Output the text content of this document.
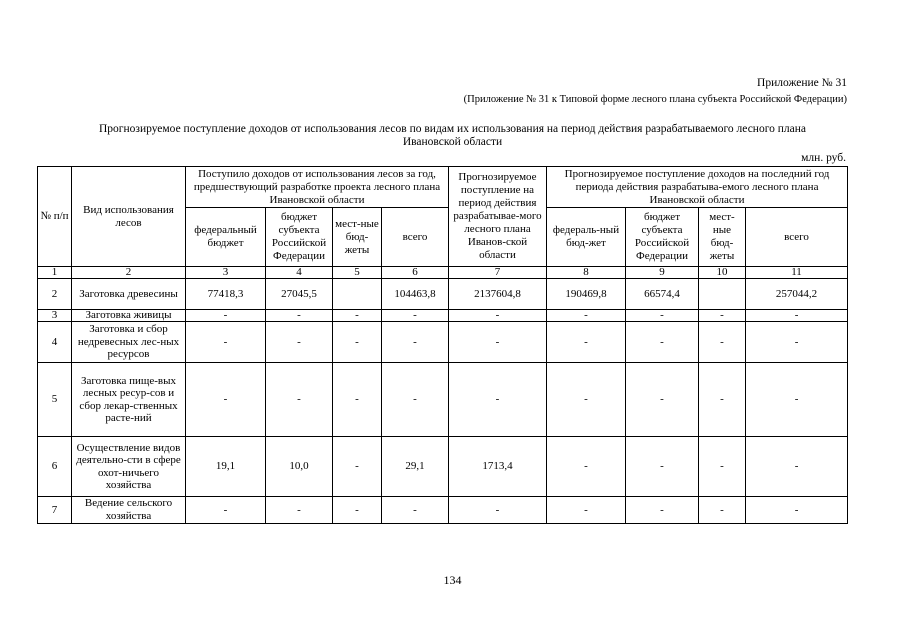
Приложение № 31
(Приложение № 31 к Типовой форме лесного плана субъекта Российской Федерации)
Прогнозируемое поступление доходов от использования лесов по видам их использования на период действия разрабатываемого лесного плана Ивановской области
млн. руб.
№ п/п	Вид использования лесов	Поступило доходов от использования лесов за год, предшествующий разработке проекта лесного плана Ивановской области				Прогнозируемое поступление на период действия разрабатывае-мого лесного плана Иванов-ской области	Прогнозируемое поступление доходов на последний год периода действия разрабатыва-емого лесного плана Ивановской области			
		федеральный бюджет	бюджет субъекта Российской Федерации	мест-ные бюд-жеты	всего		федераль-ный бюд-жет	бюджет субъекта Российской Федерации	мест-ные бюд-жеты	всего
1	2	3	4	5	6	7	8	9	10	11
2	Заготовка древесины	77418,3	27045,5		104463,8	2137604,8	190469,8	66574,4		257044,2
3	Заготовка живицы	-	-	-	-	-	-	-	-	-
4	Заготовка и сбор недревесных лес-ных ресурсов	-	-	-	-	-	-	-	-	-
5	Заготовка пище-вых лесных ресур-сов и сбор лекар-ственных расте-ний	-	-	-	-	-	-	-	-	-
6	Осуществление видов деятельно-сти в сфере охот-ничьего хозяйства	19,1	10,0	-	29,1	1713,4	-	-	-	-
7	Ведение сельского хозяйства	-	-	-	-	-	-	-	-	-
134
